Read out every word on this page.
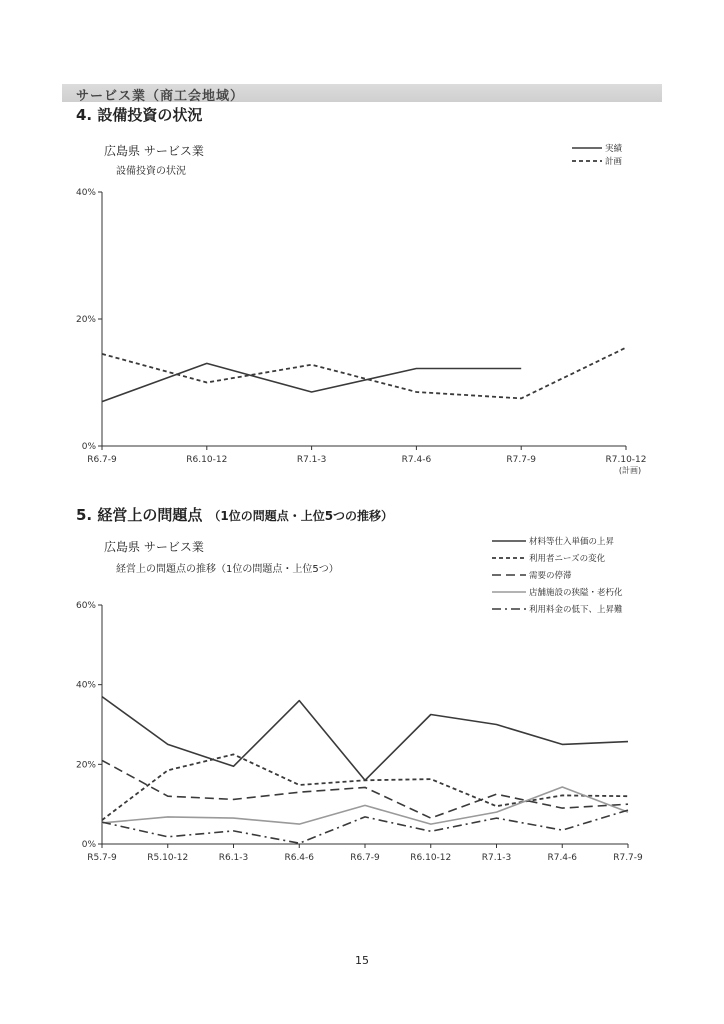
サービス業（商工会地域）
4. 設備投資の状況
広島県 サービス業
設備投資の状況
0%
20%
40%
R6.7-9	R6.10-12	R7.1-3	R7.4-6	R7.7-9	R7.10-12
(計画)
実績
計画
5. 経営上の問題点 （1位の問題点・上位5つの推移）
広島県 サービス業
経営上の問題点の推移（1位の問題点・上位5つ）
0%
20%
40%
60%
R5.7-9	R5.10-12	R6.1-3	R6.4-6	R6.7-9	R6.10-12	R7.1-3	R7.4-6	R7.7-9
材料等仕入単価の上昇
利用者ニーズの変化
需要の停滞
店舗施設の狭隘・老朽化
利用料金の低下、上昇難
15
